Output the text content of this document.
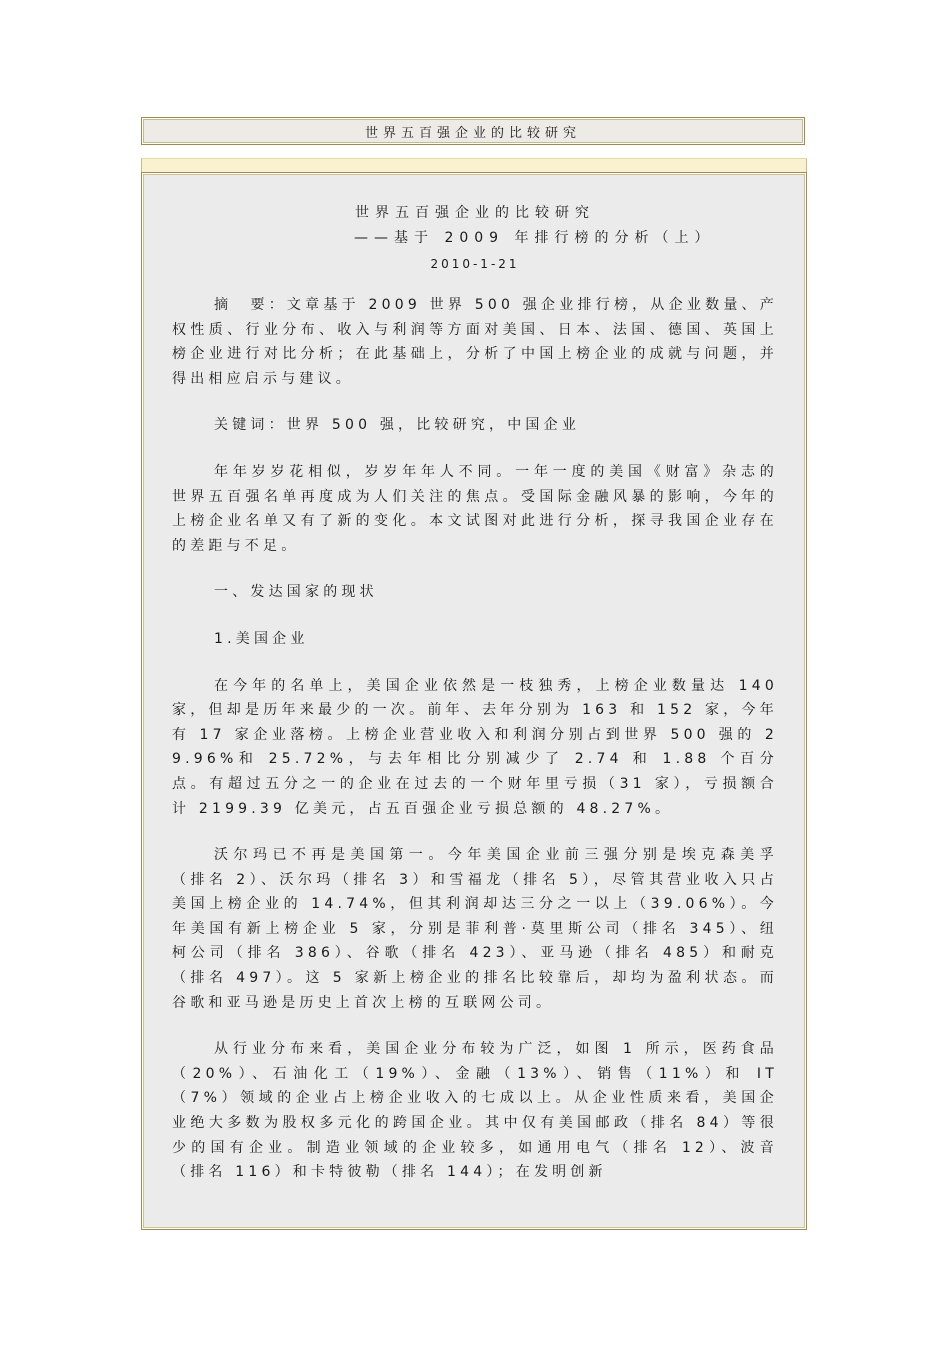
世界五百强企业的比较研究
世界五百强企业的比较研究
——基于 2009 年排行榜的分析（上）
2010-1-21

摘　要：文章基于 2009 世界 500 强企业排行榜，从企业数量、产权性质、行业分布、收入与利润等方面对美国、日本、法国、德国、英国上榜企业进行对比分析；在此基础上，分析了中国上榜企业的成就与问题，并得出相应启示与建议。

关键词：世界 500 强，比较研究，中国企业

年年岁岁花相似，岁岁年年人不同。一年一度的美国《财富》杂志的世界五百强名单再度成为人们关注的焦点。受国际金融风暴的影响，今年的上榜企业名单又有了新的变化。本文试图对此进行分析，探寻我国企业存在的差距与不足。

一、发达国家的现状

1.美国企业

在今年的名单上，美国企业依然是一枝独秀，上榜企业数量达 140 家，但却是历年来最少的一次。前年、去年分别为 163 和 152 家，今年有 17 家企业落榜。上榜企业营业收入和利润分别占到世界 500 强的 29.96%和 25.72%，与去年相比分别减少了 2.74 和 1.88 个百分点。有超过五分之一的企业在过去的一个财年里亏损（31 家），亏损额合计 2199.39 亿美元，占五百强企业亏损总额的 48.27%。

沃尔玛已不再是美国第一。今年美国企业前三强分别是埃克森美孚（排名 2）、沃尔玛（排名 3）和雪福龙（排名 5），尽管其营业收入只占美国上榜企业的 14.74%，但其利润却达三分之一以上（39.06%）。今年美国有新上榜企业 5 家，分别是菲利普·莫里斯公司（排名 345）、纽柯公司（排名 386）、谷歌（排名 423）、亚马逊（排名 485）和耐克（排名 497）。这 5 家新上榜企业的排名比较靠后，却均为盈利状态。而谷歌和亚马逊是历史上首次上榜的互联网公司。

从行业分布来看，美国企业分布较为广泛，如图 1 所示，医药食品（20%）、石油化工（19%）、金融（13%）、销售（11%）和 IT（7%）领域的企业占上榜企业收入的七成以上。从企业性质来看，美国企业绝大多数为股权多元化的跨国企业。其中仅有美国邮政（排名 84）等很少的国有企业。制造业领域的企业较多，如通用电气（排名 12）、波音（排名 116）和卡特彼勒（排名 144）；在发明创新
